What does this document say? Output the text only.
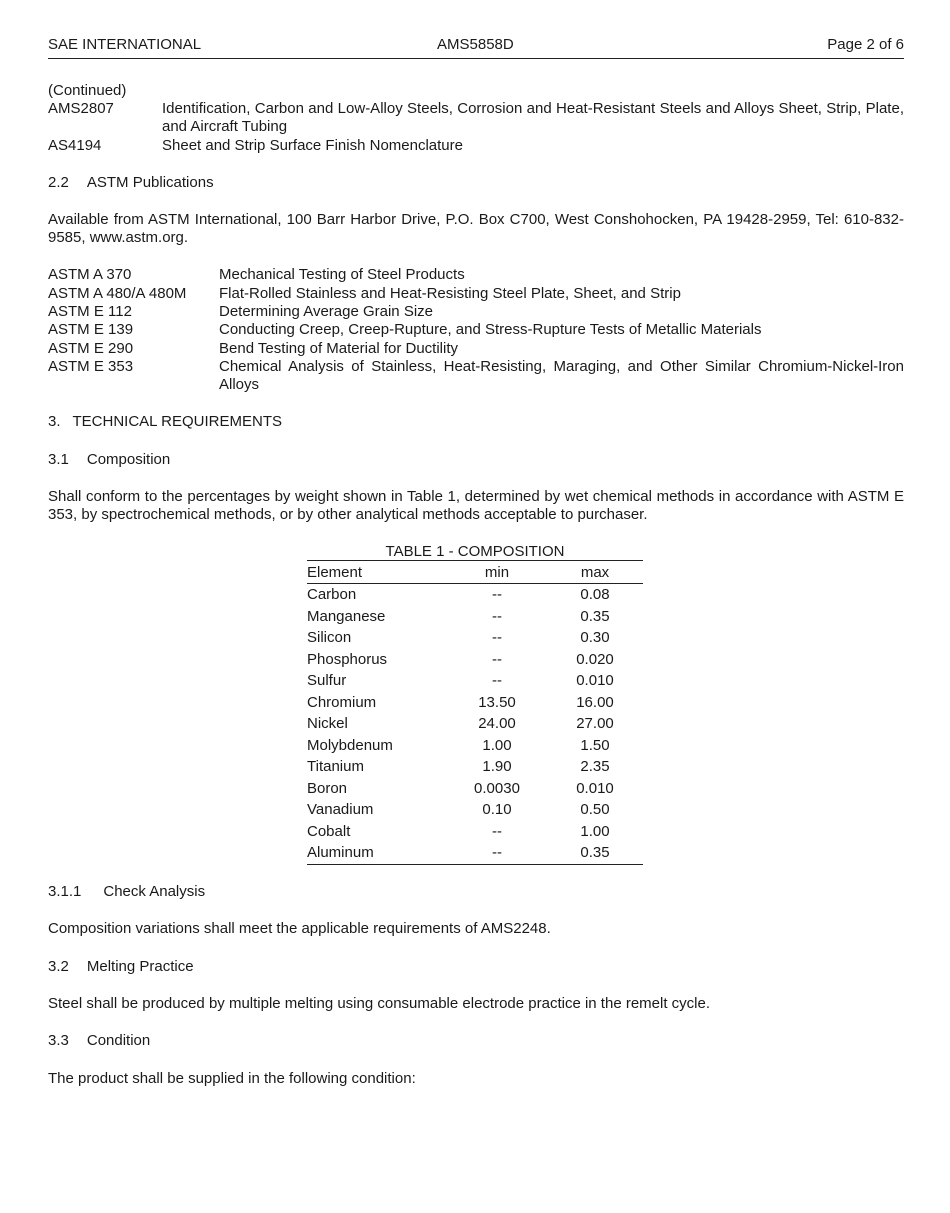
SAE INTERNATIONAL	AMS5858D	Page 2 of 6
(Continued)
AMS2807	Identification, Carbon and Low-Alloy Steels, Corrosion and Heat-Resistant Steels and Alloys Sheet, Strip, Plate, and Aircraft Tubing
AS4194	Sheet and Strip Surface Finish Nomenclature
2.2 ASTM Publications
Available from ASTM International, 100 Barr Harbor Drive, P.O. Box C700, West Conshohocken, PA 19428-2959, Tel: 610-832-9585, www.astm.org.
ASTM A 370	Mechanical Testing of Steel Products
ASTM A 480/A 480M	Flat-Rolled Stainless and Heat-Resisting Steel Plate, Sheet, and Strip
ASTM E 112	Determining Average Grain Size
ASTM E 139	Conducting Creep, Creep-Rupture, and Stress-Rupture Tests of Metallic Materials
ASTM E 290	Bend Testing of Material for Ductility
ASTM E 353	Chemical Analysis of Stainless, Heat-Resisting, Maraging, and Other Similar Chromium-Nickel-Iron Alloys
3. TECHNICAL REQUIREMENTS
3.1 Composition
Shall conform to the percentages by weight shown in Table 1, determined by wet chemical methods in accordance with ASTM E 353, by spectrochemical methods, or by other analytical methods acceptable to purchaser.
TABLE 1 - COMPOSITION
Element	min	max
Carbon	--	0.08
Manganese	--	0.35
Silicon	--	0.30
Phosphorus	--	0.020
Sulfur	--	0.010
Chromium	13.50	16.00
Nickel	24.00	27.00
Molybdenum	1.00	1.50
Titanium	1.90	2.35
Boron	0.0030	0.010
Vanadium	0.10	0.50
Cobalt	--	1.00
Aluminum	--	0.35
3.1.1 Check Analysis
Composition variations shall meet the applicable requirements of AMS2248.
3.2 Melting Practice
Steel shall be produced by multiple melting using consumable electrode practice in the remelt cycle.
3.3 Condition
The product shall be supplied in the following condition:
